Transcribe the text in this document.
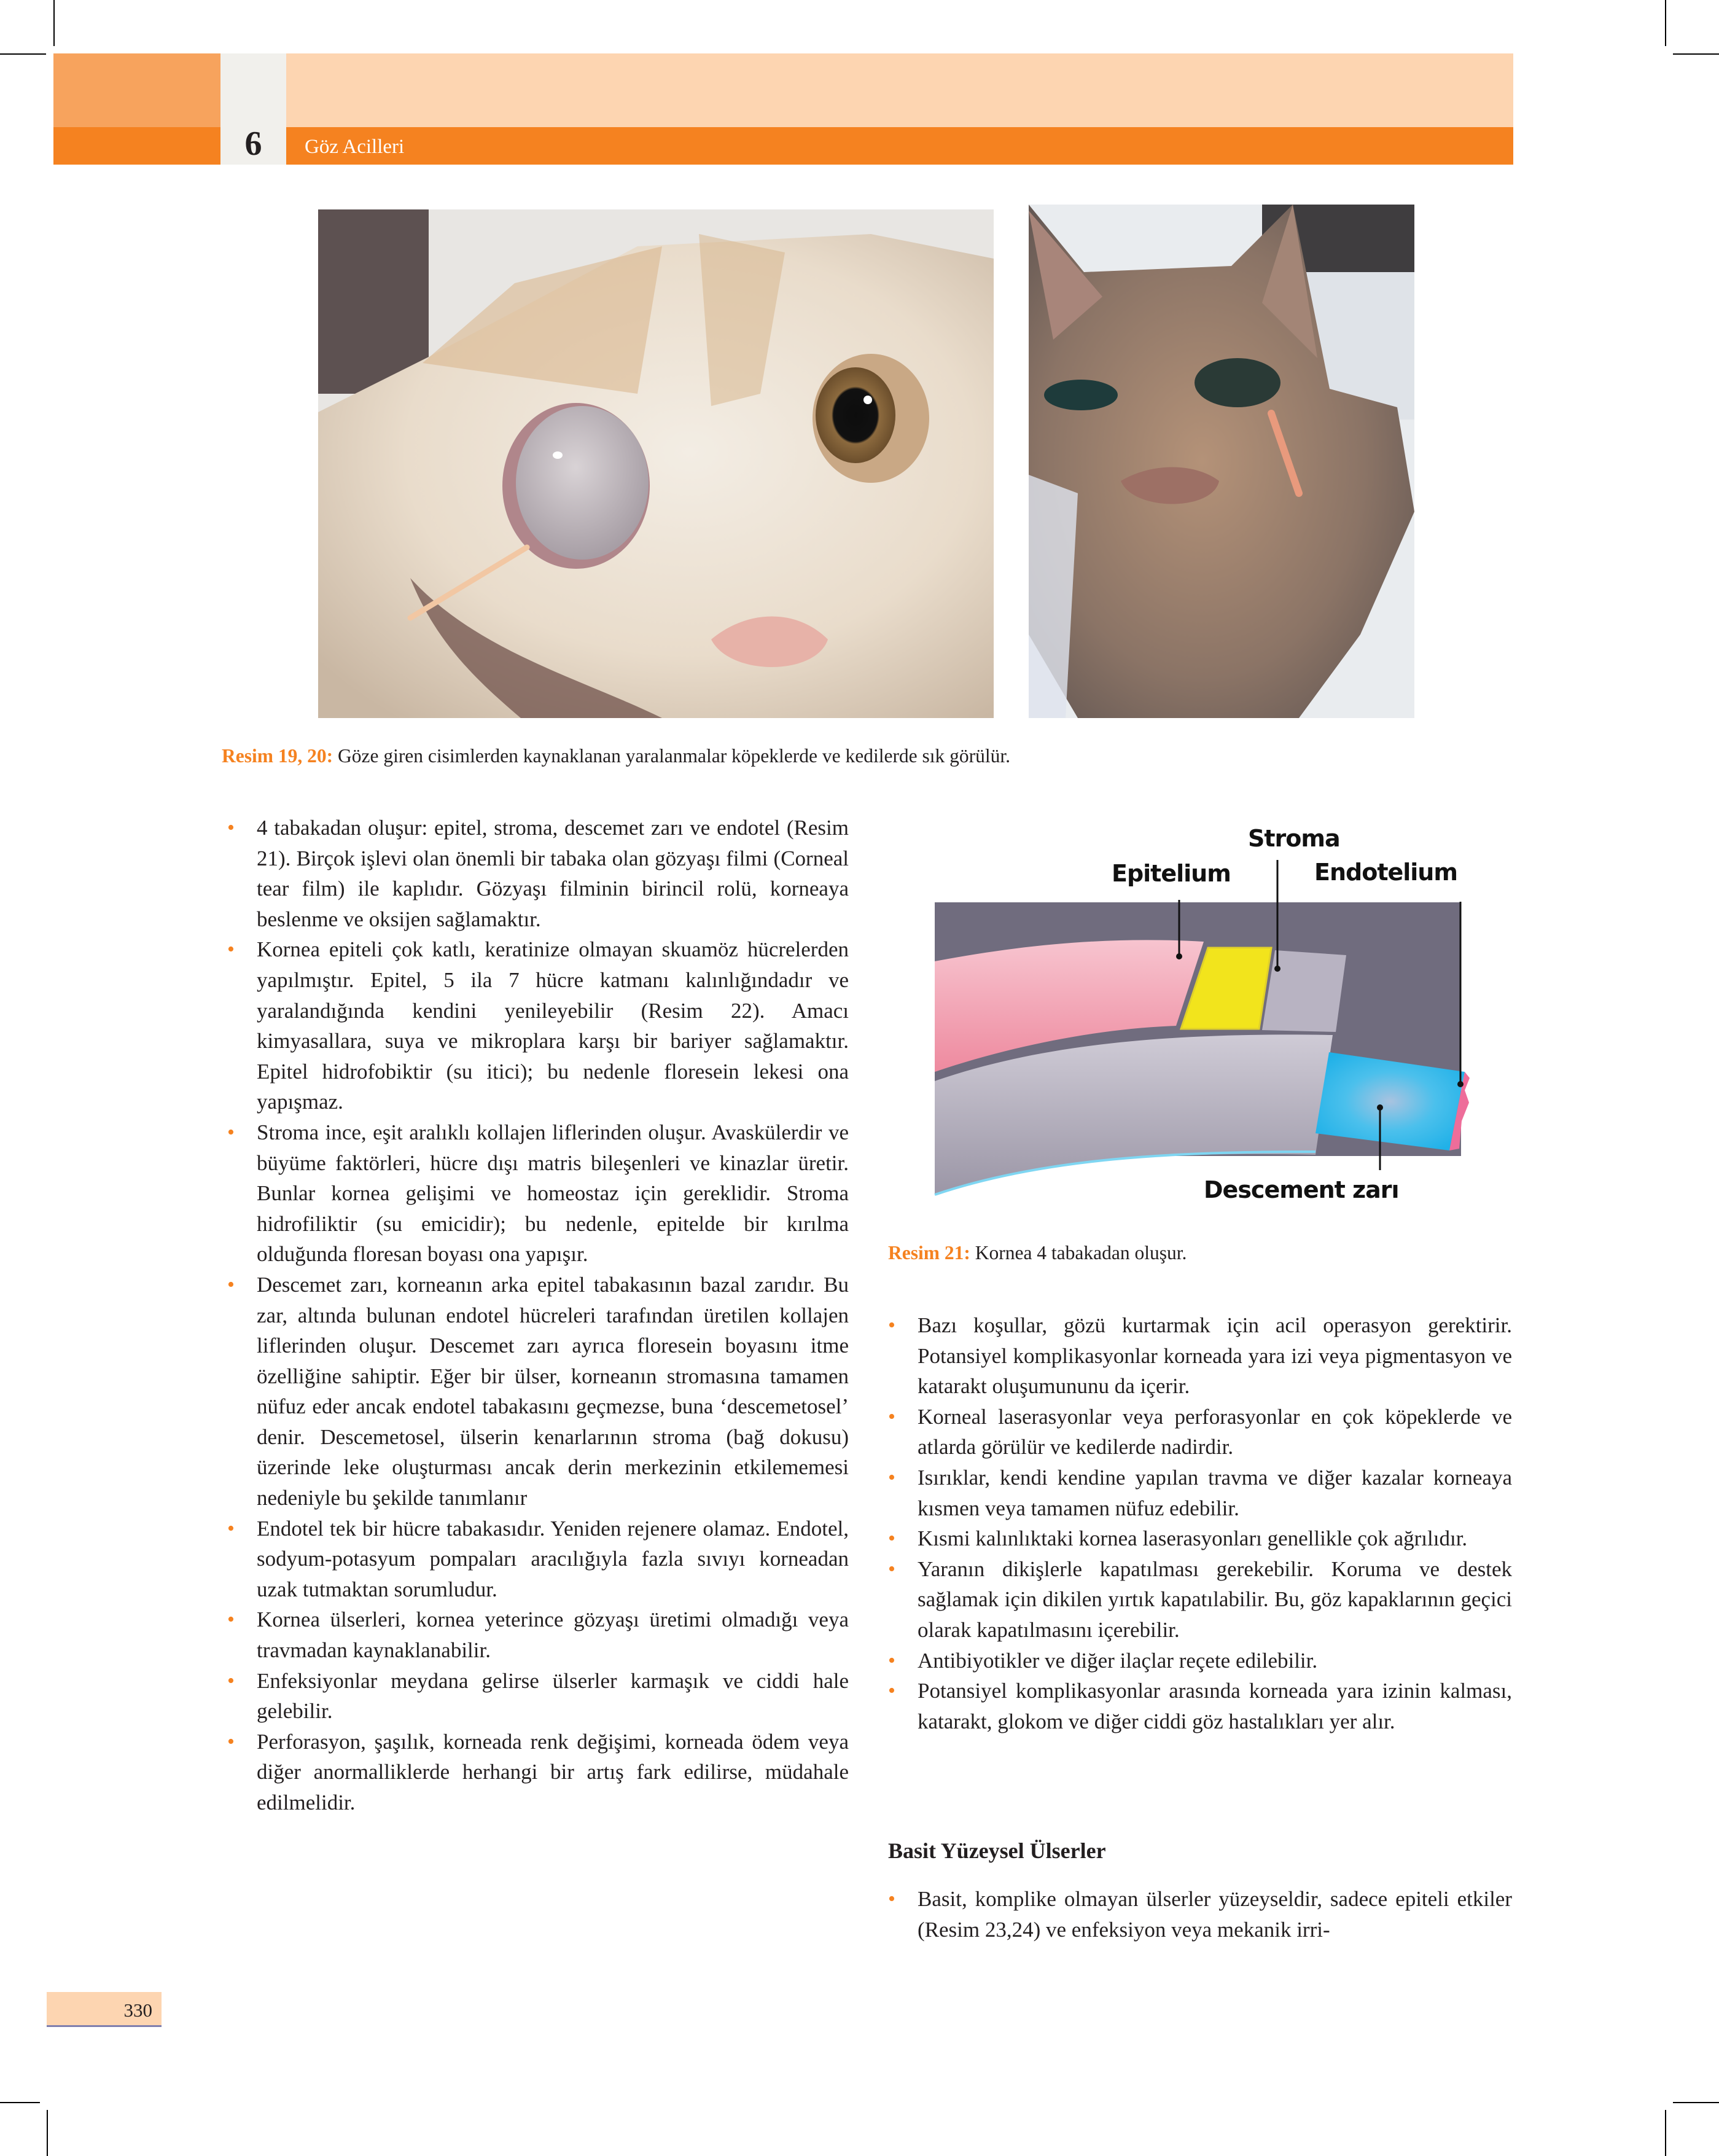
6	Göz Acilleri
Resim 19, 20: Göze giren cisimlerden kaynaklanan yaralanmalar köpeklerde ve kedilerde sık görülür.
• 4 tabakadan oluşur: epitel, stroma, descemet zarı ve endotel (Resim 21). Birçok işlevi olan önemli bir tabaka olan gözyaşı filmi (Corneal tear film) ile kaplıdır. Gözyaşı filminin birincil rolü, korneaya beslenme ve oksijen sağlamaktır.
• Kornea epiteli çok katlı, keratinize olmayan skuamöz hücrelerden yapılmıştır. Epitel, 5 ila 7 hücre katmanı kalınlığındadır ve yaralandığında kendini yenileyebilir (Resim 22). Amacı kimyasallara, suya ve mikroplara karşı bir bariyer sağlamaktır. Epitel hidrofobiktir (su itici); bu nedenle floresein lekesi ona yapışmaz.
• Stroma ince, eşit aralıklı kollajen liflerinden oluşur. Avaskülerdir ve büyüme faktörleri, hücre dışı matris bileşenleri ve kinazlar üretir. Bunlar kornea gelişimi ve homeostaz için gereklidir. Stroma hidrofiliktir (su emicidir); bu nedenle, epitelde bir kırılma olduğunda floresan boyası ona yapışır.
• Descemet zarı, korneanın arka epitel tabakasının bazal zarıdır. Bu zar, altında bulunan endotel hücreleri tarafından üretilen kollajen liflerinden oluşur. Descemet zarı ayrıca floresein boyasını itme özelliğine sahiptir. Eğer bir ülser, korneanın stromasına tamamen nüfuz eder ancak endotel tabakasını geçmezse, buna ‘descemetosel’ denir. Descemetosel, ülserin kenarlarının stroma (bağ dokusu) üzerinde leke oluşturması ancak derin merkezinin etkilememesi nedeniyle bu şekilde tanımlanır
• Endotel tek bir hücre tabakasıdır. Yeniden rejenere olamaz. Endotel, sodyum-potasyum pompaları aracılığıyla fazla sıvıyı korneadan uzak tutmaktan sorumludur.
• Kornea ülserleri, kornea yeterince gözyaşı üretimi olmadığı veya travmadan kaynaklanabilir.
• Enfeksiyonlar meydana gelirse ülserler karmaşık ve ciddi hale gelebilir.
• Perforasyon, şaşılık, korneada renk değişimi, korneada ödem veya diğer anormalliklerde herhangi bir artış fark edilirse, müdahale edilmelidir.
Stroma
Epitelium	Endotelium
Descement zarı
Resim 21: Kornea 4 tabakadan oluşur.
• Bazı koşullar, gözü kurtarmak için acil operasyon gerektirir. Potansiyel komplikasyonlar korneada yara izi veya pigmentasyon ve katarakt oluşumununu da içerir.
• Korneal laserasyonlar veya perforasyonlar en çok köpeklerde ve atlarda görülür ve kedilerde nadirdir.
• Isırıklar, kendi kendine yapılan travma ve diğer kazalar korneaya kısmen veya tamamen nüfuz edebilir.
• Kısmi kalınlıktaki kornea laserasyonları genellikle çok ağrılıdır.
• Yaranın dikişlerle kapatılması gerekebilir. Koruma ve destek sağlamak için dikilen yırtık kapatılabilir. Bu, göz kapaklarının geçici olarak kapatılmasını içerebilir.
• Antibiyotikler ve diğer ilaçlar reçete edilebilir.
• Potansiyel komplikasyonlar arasında korneada yara izinin kalması, katarakt, glokom ve diğer ciddi göz hastalıkları yer alır.
Basit Yüzeysel Ülserler
• Basit, komplike olmayan ülserler yüzeyseldir, sadece epiteli etkiler (Resim 23,24) ve enfeksiyon veya mekanik irri-
330
